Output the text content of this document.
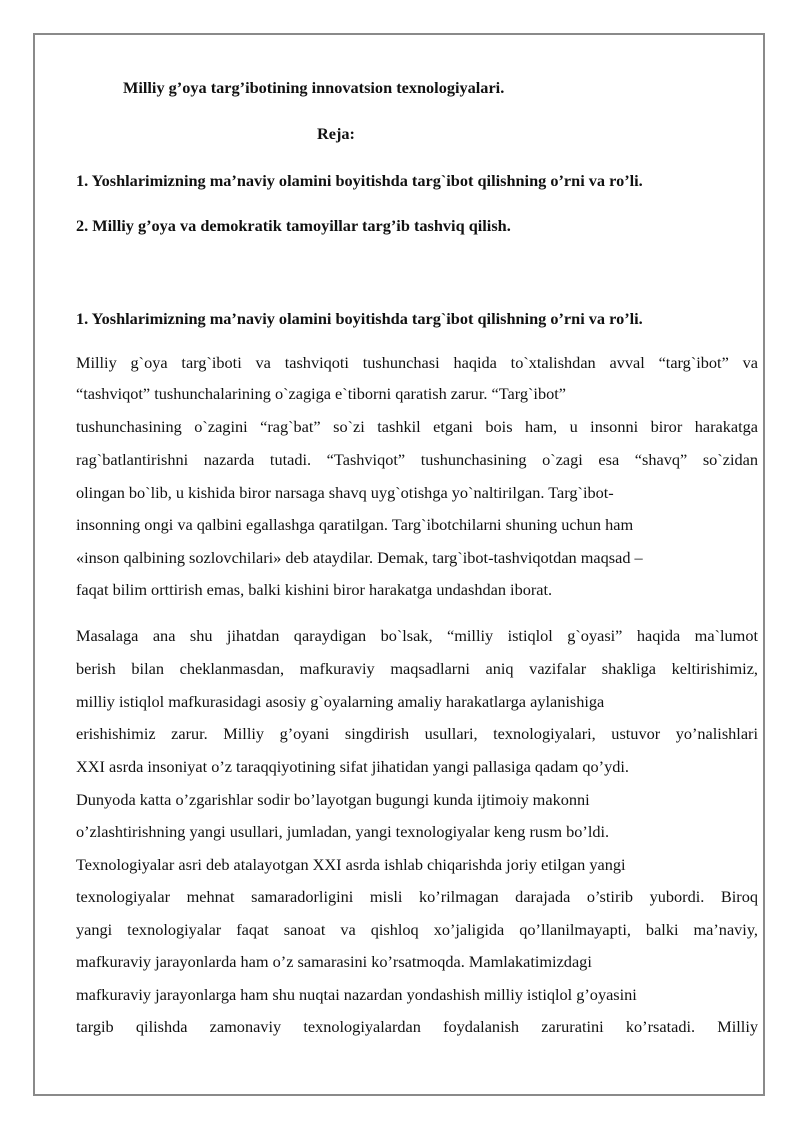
Milliy g’oya targ’ibotining innovatsion texnologiyalari.
Reja:
1. Yoshlarimizning ma’naviy olamini boyitishda targ`ibot qilishning o’rni va ro’li.
2. Milliy g’oya va demokratik tamoyillar targ’ib tashviq qilish.
1. Yoshlarimizning ma’naviy olamini boyitishda targ`ibot qilishning o’rni va ro’li.
Milliy g`oya targ`iboti va tashviqoti tushunchasi haqida to`xtalishdan avval “targ`ibot” va
“tashviqot” tushunchalarining o`zagiga e`tiborni qaratish zarur. “Targ`ibot”
tushunchasining o`zagini “rag`bat” so`zi tashkil etgani bois ham, u insonni biror harakatga
rag`batlantirishni nazarda tutadi. “Tashviqot” tushunchasining o`zagi esa “shavq” so`zidan
olingan bo`lib, u kishida biror narsaga shavq uyg`otishga yo`naltirilgan. Targ`ibot-
insonning ongi va qalbini egallashga qaratilgan. Targ`ibotchilarni shuning uchun ham
«inson qalbining sozlovchilari» deb ataydilar. Demak, targ`ibot-tashviqotdan maqsad –
faqat bilim orttirish emas, balki kishini biror harakatga undashdan iborat.
Masalaga ana shu jihatdan qaraydigan bo`lsak, “milliy istiqlol g`oyasi” haqida ma`lumot
berish bilan cheklanmasdan, mafkuraviy maqsadlarni aniq vazifalar shakliga keltirishimiz,
milliy istiqlol mafkurasidagi asosiy g`oyalarning amaliy harakatlarga aylanishiga
erishishimiz zarur. Milliy g’oyani singdirish usullari, texnologiyalari, ustuvor yo’nalishlari
XXI asrda insoniyat o’z taraqqiyotining sifat jihatidan yangi pallasiga qadam qo’ydi.
Dunyoda katta o’zgarishlar sodir bo’layotgan bugungi kunda ijtimoiy makonni
o’zlashtirishning yangi usullari, jumladan, yangi texnologiyalar keng rusm bo’ldi.
Texnologiyalar asri deb atalayotgan XXI asrda ishlab chiqarishda joriy etilgan yangi
texnologiyalar mehnat samaradorligini misli ko’rilmagan darajada o’stirib yubordi. Biroq
yangi texnologiyalar faqat sanoat va qishloq xo’jaligida qo’llanilmayapti, balki ma’naviy,
mafkuraviy jarayonlarda ham o’z samarasini ko’rsatmoqda. Mamlakatimizdagi
mafkuraviy jarayonlarga ham shu nuqtai nazardan yondashish milliy istiqlol g’oyasini
targib qilishda zamonaviy texnologiyalardan foydalanish zaruratini ko’rsatadi. Milliy
